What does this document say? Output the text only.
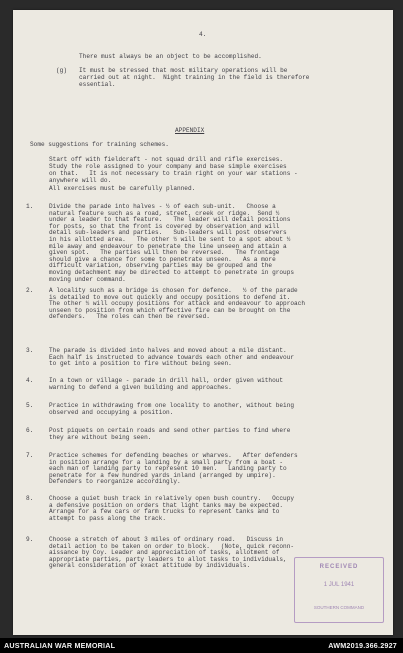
4.
There must always be an object to be accomplished.
(g) It must be stressed that most military operations will be
carried out at night.  Night training in the field is therefore
essential.
APPENDIX
Some suggestions for training schemes.
Start off with fieldcraft - not squad drill and rifle exercises.
Study the role assigned to your company and base simple exercises
on that.   It is not necessary to train right on your war stations -
anywhere will do.
All exercises must be carefully planned.
1.	Divide the parade into halves - ½ of each sub-unit.   Choose a
natural feature such as a road, street, creek or ridge.  Send ½
under a leader to that feature.   The leader will detail positions
for posts, so that the front is covered by observation and will
detail sub-leaders and parties.   Sub-leaders will post observers
in his allotted area.   The other ½ will be sent to a spot about ½
mile away and endeavour to penetrate the line unseen and attain a
given spot.   The parties will then be reversed.   The frontage
should give a chance for some to penetrate unseen.   As a more
difficult variation, observing parties may be grouped and the
moving detachment may be directed to attempt to penetrate in groups
moving under command.
2.	A locality such as a bridge is chosen for defence.   ½ of the parade
is detailed to move out quickly and occupy positions to defend it.
The other ½ will occupy positions for attack and endeavour to approach
unseen to position from which effective fire can be brought on the
defenders.   The roles can then be reversed.
3.	The parade is divided into halves and moved about a mile distant.
Each half is instructed to advance towards each other and endeavour
to get into a position to fire without being seen.
4.	In a town or village - parade in drill hall, order given without
warning to defend a given building and approaches.
5.	Practice in withdrawing from one locality to another, without being
observed and occupying a position.
6.	Post piquets on certain roads and send other parties to find where
they are without being seen.
7.	Practice schemes for defending beaches or wharves.   After defenders
in position arrange for a landing by a small party from a boat -
each man of landing party to represent 10 men.   Landing party to
penetrate for a few hundred yards inland (arranged by umpire).
Defenders to reorganize accordingly.
8.	Choose a quiet bush track in relatively open bush country.   Occupy
a defensive position on orders that light tanks may be expected.
Arrange for a few cars or farm trucks to represent tanks and to
attempt to pass along the track.
9.	Choose a stretch of about 3 miles of ordinary road.   Discuss in
detail action to be taken on order to block.   (Note, quick reconn-
aissance by Coy. Leader and appreciation of tasks, allotment of
appropriate parties, party leaders to allot tasks to individuals,
general consideration of exact attitude by individuals.	RECEIVED
1 JUL 1941
SOUTHERN COMMAND
AUSTRALIAN WAR MEMORIAL	AWM2019.366.2927
